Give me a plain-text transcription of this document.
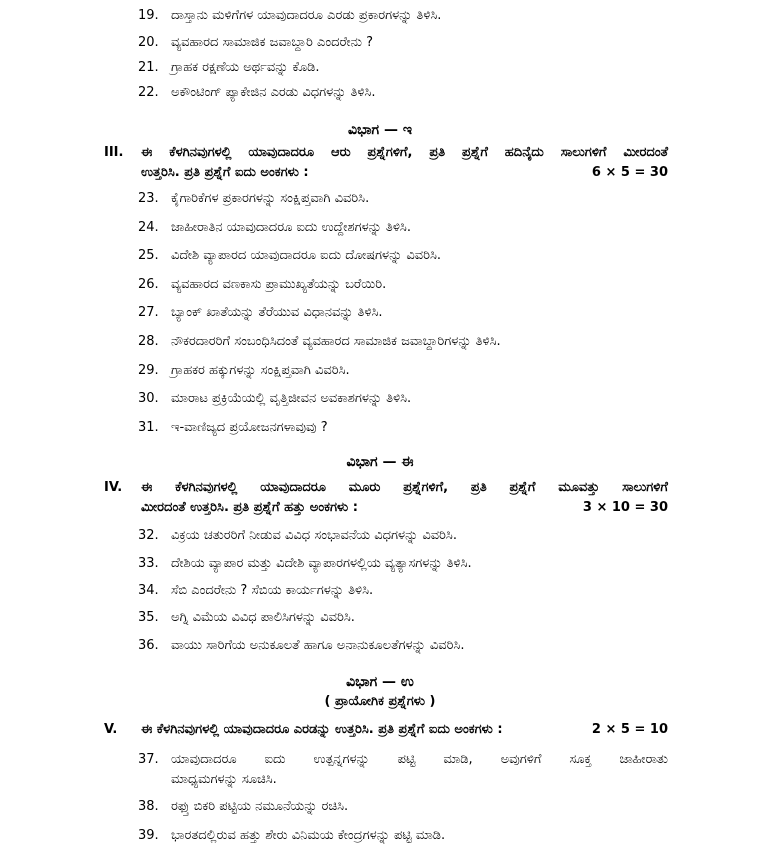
19. ದಾಸ್ತಾನು ಮಳಿಗೆಗಳ ಯಾವುದಾದರೂ ಎರಡು ಪ್ರಕಾರಗಳನ್ನು ತಿಳಿಸಿ.
20. ವ್ಯವಹಾರದ ಸಾಮಾಜಿಕ ಜವಾಬ್ದಾರಿ ಎಂದರೇನು ?
21. ಗ್ರಾಹಕ ರಕ್ಷಣೆಯ ಅರ್ಥವನ್ನು ಕೊಡಿ.
22. ಅಕೌಂಟಿಂಗ್ ಪ್ಯಾಕೇಜಿನ ಎರಡು ವಿಧಗಳನ್ನು ತಿಳಿಸಿ.
ವಿಭಾಗ — ಇ
III.	ಈ ಕೆಳಗಿನವುಗಳಲ್ಲಿ ಯಾವುದಾದರೂ ಆರು ಪ್ರಶ್ನೆಗಳಿಗೆ, ಪ್ರತಿ ಪ್ರಶ್ನೆಗೆ ಹದಿನೈದು ಸಾಲುಗಳಿಗೆ ಮೀರದಂತೆ
ಉತ್ತರಿಸಿ. ಪ್ರತಿ ಪ್ರಶ್ನೆಗೆ ಐದು ಅಂಕಗಳು :	6 × 5 = 30
23. ಕೈಗಾರಿಕೆಗಳ ಪ್ರಕಾರಗಳನ್ನು ಸಂಕ್ಷಿಪ್ತವಾಗಿ ವಿವರಿಸಿ.
24. ಜಾಹೀರಾತಿನ ಯಾವುದಾದರೂ ಐದು ಉದ್ದೇಶಗಳನ್ನು ತಿಳಿಸಿ.
25. ವಿದೇಶಿ ವ್ಯಾಪಾರದ ಯಾವುದಾದರೂ ಐದು ದೋಷಗಳನ್ನು ವಿವರಿಸಿ.
26. ವ್ಯವಹಾರದ ವಣಕಾಸು ಪ್ರಾಮುಖ್ಯತೆಯನ್ನು ಬರೆಯಿರಿ.
27. ಬ್ಯಾಂಕ್ ಖಾತೆಯನ್ನು ತೆರೆಯುವ ವಿಧಾನವನ್ನು ತಿಳಿಸಿ.
28. ನೌಕರದಾರರಿಗೆ ಸಂಬಂಧಿಸಿದಂತೆ ವ್ಯವಹಾರದ ಸಾಮಾಜಿಕ ಜವಾಬ್ದಾರಿಗಳನ್ನು ತಿಳಿಸಿ.
29. ಗ್ರಾಹಕರ ಹಕ್ಕುಗಳನ್ನು ಸಂಕ್ಷಿಪ್ತವಾಗಿ ವಿವರಿಸಿ.
30. ಮಾರಾಟ ಪ್ರಕ್ರಿಯೆಯಲ್ಲಿ ವೃತ್ತಿಜೀವನ ಅವಕಾಶಗಳನ್ನು ತಿಳಿಸಿ.
31. ಇ-ವಾಣಿಜ್ಯದ ಪ್ರಯೋಜನಗಳಾವುವು ?
ವಿಭಾಗ — ಈ
IV.	ಈ ಕೆಳಗಿನವುಗಳಲ್ಲಿ ಯಾವುದಾದರೂ ಮೂರು ಪ್ರಶ್ನೆಗಳಿಗೆ, ಪ್ರತಿ ಪ್ರಶ್ನೆಗೆ ಮೂವತ್ತು ಸಾಲುಗಳಿಗೆ
ಮೀರದಂತೆ ಉತ್ತರಿಸಿ. ಪ್ರತಿ ಪ್ರಶ್ನೆಗೆ ಹತ್ತು ಅಂಕಗಳು :	3 × 10 = 30
32. ವಿಕ್ರಯ ಚತುರರಿಗೆ ನೀಡುವ ವಿವಿಧ ಸಂಭಾವನೆಯ ವಿಧಗಳನ್ನು ವಿವರಿಸಿ.
33. ದೇಶಿಯ ವ್ಯಾಪಾರ ಮತ್ತು ವಿದೇಶಿ ವ್ಯಾಪಾರಗಳಲ್ಲಿಯ ವ್ಯತ್ಯಾಸಗಳನ್ನು ತಿಳಿಸಿ.
34. ಸೆಬಿ ಎಂದರೇನು ? ಸೆಬಿಯ ಕಾರ್ಯಗಳನ್ನು ತಿಳಿಸಿ.
35. ಅಗ್ನಿ ವಿಮೆಯ ವಿವಿಧ ಪಾಲಿಸಿಗಳನ್ನು ವಿವರಿಸಿ.
36. ವಾಯು ಸಾರಿಗೆಯ ಅನುಕೂಲತೆ ಹಾಗೂ ಅನಾನುಕೂಲತೆಗಳನ್ನು ವಿವರಿಸಿ.
ವಿಭಾಗ — ಉ
( ಪ್ರಾಯೋಗಿಕ ಪ್ರಶ್ನೆಗಳು )
V.	ಈ ಕೆಳಗಿನವುಗಳಲ್ಲಿ ಯಾವುದಾದರೂ ಎರಡನ್ನು ಉತ್ತರಿಸಿ. ಪ್ರತಿ ಪ್ರಶ್ನೆಗೆ ಐದು ಅಂಕಗಳು :	2 × 5 = 10
37. ಯಾವುದಾದರೂ ಐದು ಉತ್ಪನ್ನಗಳನ್ನು ಪಟ್ಟಿ ಮಾಡಿ, ಅವುಗಳಿಗೆ ಸೂಕ್ತ ಜಾಹೀರಾತು
ಮಾಧ್ಯಮಗಳನ್ನು ಸೂಚಿಸಿ.
38. ರಫ್ತು ಬಿಕರಿ ಪಟ್ಟಿಯ ನಮೂನೆಯನ್ನು ರಚಿಸಿ.
39. ಭಾರತದಲ್ಲಿರುವ ಹತ್ತು ಶೇರು ವಿನಿಮಯ ಕೇಂದ್ರಗಳನ್ನು ಪಟ್ಟಿ ಮಾಡಿ.
